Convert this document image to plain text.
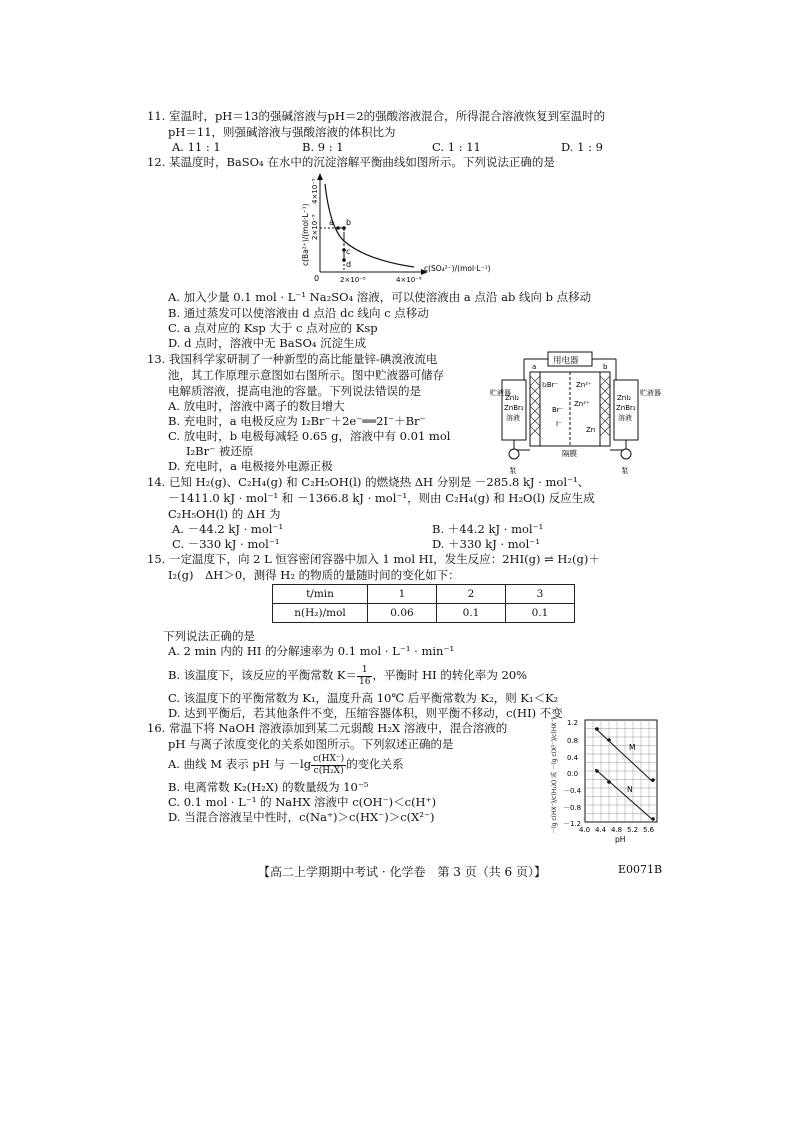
11. 室温时，pH＝13的强碱溶液与pH＝2的强酸溶液混合，所得混合溶液恢复到室温时的
pH＝11，则强碱溶液与强酸溶液的体积比为
A. 11 : 1	B. 9 : 1	C. 1 : 11	D. 1 : 9
12. 某温度时，BaSO₄ 在水中的沉淀溶解平衡曲线如图所示。下列说法正确的是
a b
c
d
0	2×10⁻⁵	4×10⁻⁵
c(SO₄²⁻)/(mol·L⁻¹)
c(Ba²⁺)/(mol·L⁻¹)
4×10⁻⁵
2×10⁻⁵
A. 加入少量 0.1 mol · L⁻¹ Na₂SO₄ 溶液，可以使溶液由 a 点沿 ab 线向 b 点移动
B. 通过蒸发可以使溶液由 d 点沿 dc 线向 c 点移动
C. a 点对应的 Ksp 大于 c 点对应的 Ksp
D. d 点时，溶液中无 BaSO₄ 沉淀生成
13. 我国科学家研制了一种新型的高比能量锌-碘溴液流电
池，其工作原理示意图如右图所示。图中贮液器可储存
电解质溶液，提高电池的容量。下列说法错误的是
A. 放电时，溶液中离子的数目增大
B. 充电时，a 电极反应为 I₂Br⁻＋2e⁻══2I⁻＋Br⁻
C. 放电时，b 电极每减轻 0.65 g，溶液中有 0.01 mol
I₂Br⁻ 被还原
D. 充电时，a 电极接外电源正极
用电器
贮液器	贮液器
ZnI₂
ZnBr₂
溶液
ZnI₂
ZnBr₂
溶液
I₂Br⁻	Zn²⁺
Br⁻
I⁻
Zn²⁺
Zn
a	b
隔膜
泵	泵
14. 已知 H₂(g)、C₂H₄(g) 和 C₂H₅OH(l) 的燃烧热 ΔH 分别是 －285.8 kJ · mol⁻¹、
－1411.0 kJ · mol⁻¹ 和 －1366.8 kJ · mol⁻¹，则由 C₂H₄(g) 和 H₂O(l) 反应生成
C₂H₅OH(l) 的 ΔH 为
A. －44.2 kJ · mol⁻¹	B. ＋44.2 kJ · mol⁻¹
C. －330 kJ · mol⁻¹	D. ＋330 kJ · mol⁻¹
15. 一定温度下，向 2 L 恒容密闭容器中加入 1 mol HI，发生反应：2HI(g) ⇌ H₂(g)＋
I₂(g)　ΔH＞0，测得 H₂ 的物质的量随时间的变化如下：
t/min	1	2	3
n(H₂)/mol	0.06	0.1	0.1
下列说法正确的是
A. 2 min 内的 HI 的分解速率为 0.1 mol · L⁻¹ · min⁻¹
B. 该温度下，该反应的平衡常数 $K= \frac{1}{16}$ ，平衡时 HI 的转化率为 20%
C. 该温度下的平衡常数为 K₁，温度升高 10℃ 后平衡常数为 K₂，则 K₁＜K₂
D. 达到平衡后，若其他条件不变，压缩容器体积，则平衡不移动，c(HI) 不变
16. 常温下将 NaOH 溶液添加到某二元弱酸 H₂X 溶液中，混合溶液的
pH 与离子浓度变化的关系如图所示。下列叙述正确的是
A. 曲线 M 表示 pH 与 $-\lg \frac{c(HX^-)}{\text{c(H₂X)}}$ 的变化关系
B. 电离常数 K₂(H₂X) 的数量级为 10⁻⁵
C. 0.1 mol · L⁻¹ 的 NaHX 溶液中 c(OH⁻)＜c(H⁺)
D. 当混合溶液呈中性时，c(Na⁺)＞c(HX⁻)＞c(X²⁻)
M
N
1.2
0.8
0.4
0.0
－0.4
－0.8
－1.2
4.0 4.4 4.8 5.2 5.6
pH
－lg c(HX⁻)/c(H₂X) 或 －lg c(X²⁻)/c(HX⁻)
【高二上学期期中考试 · 化学卷　第 3 页（共 6 页）】	E0071B
